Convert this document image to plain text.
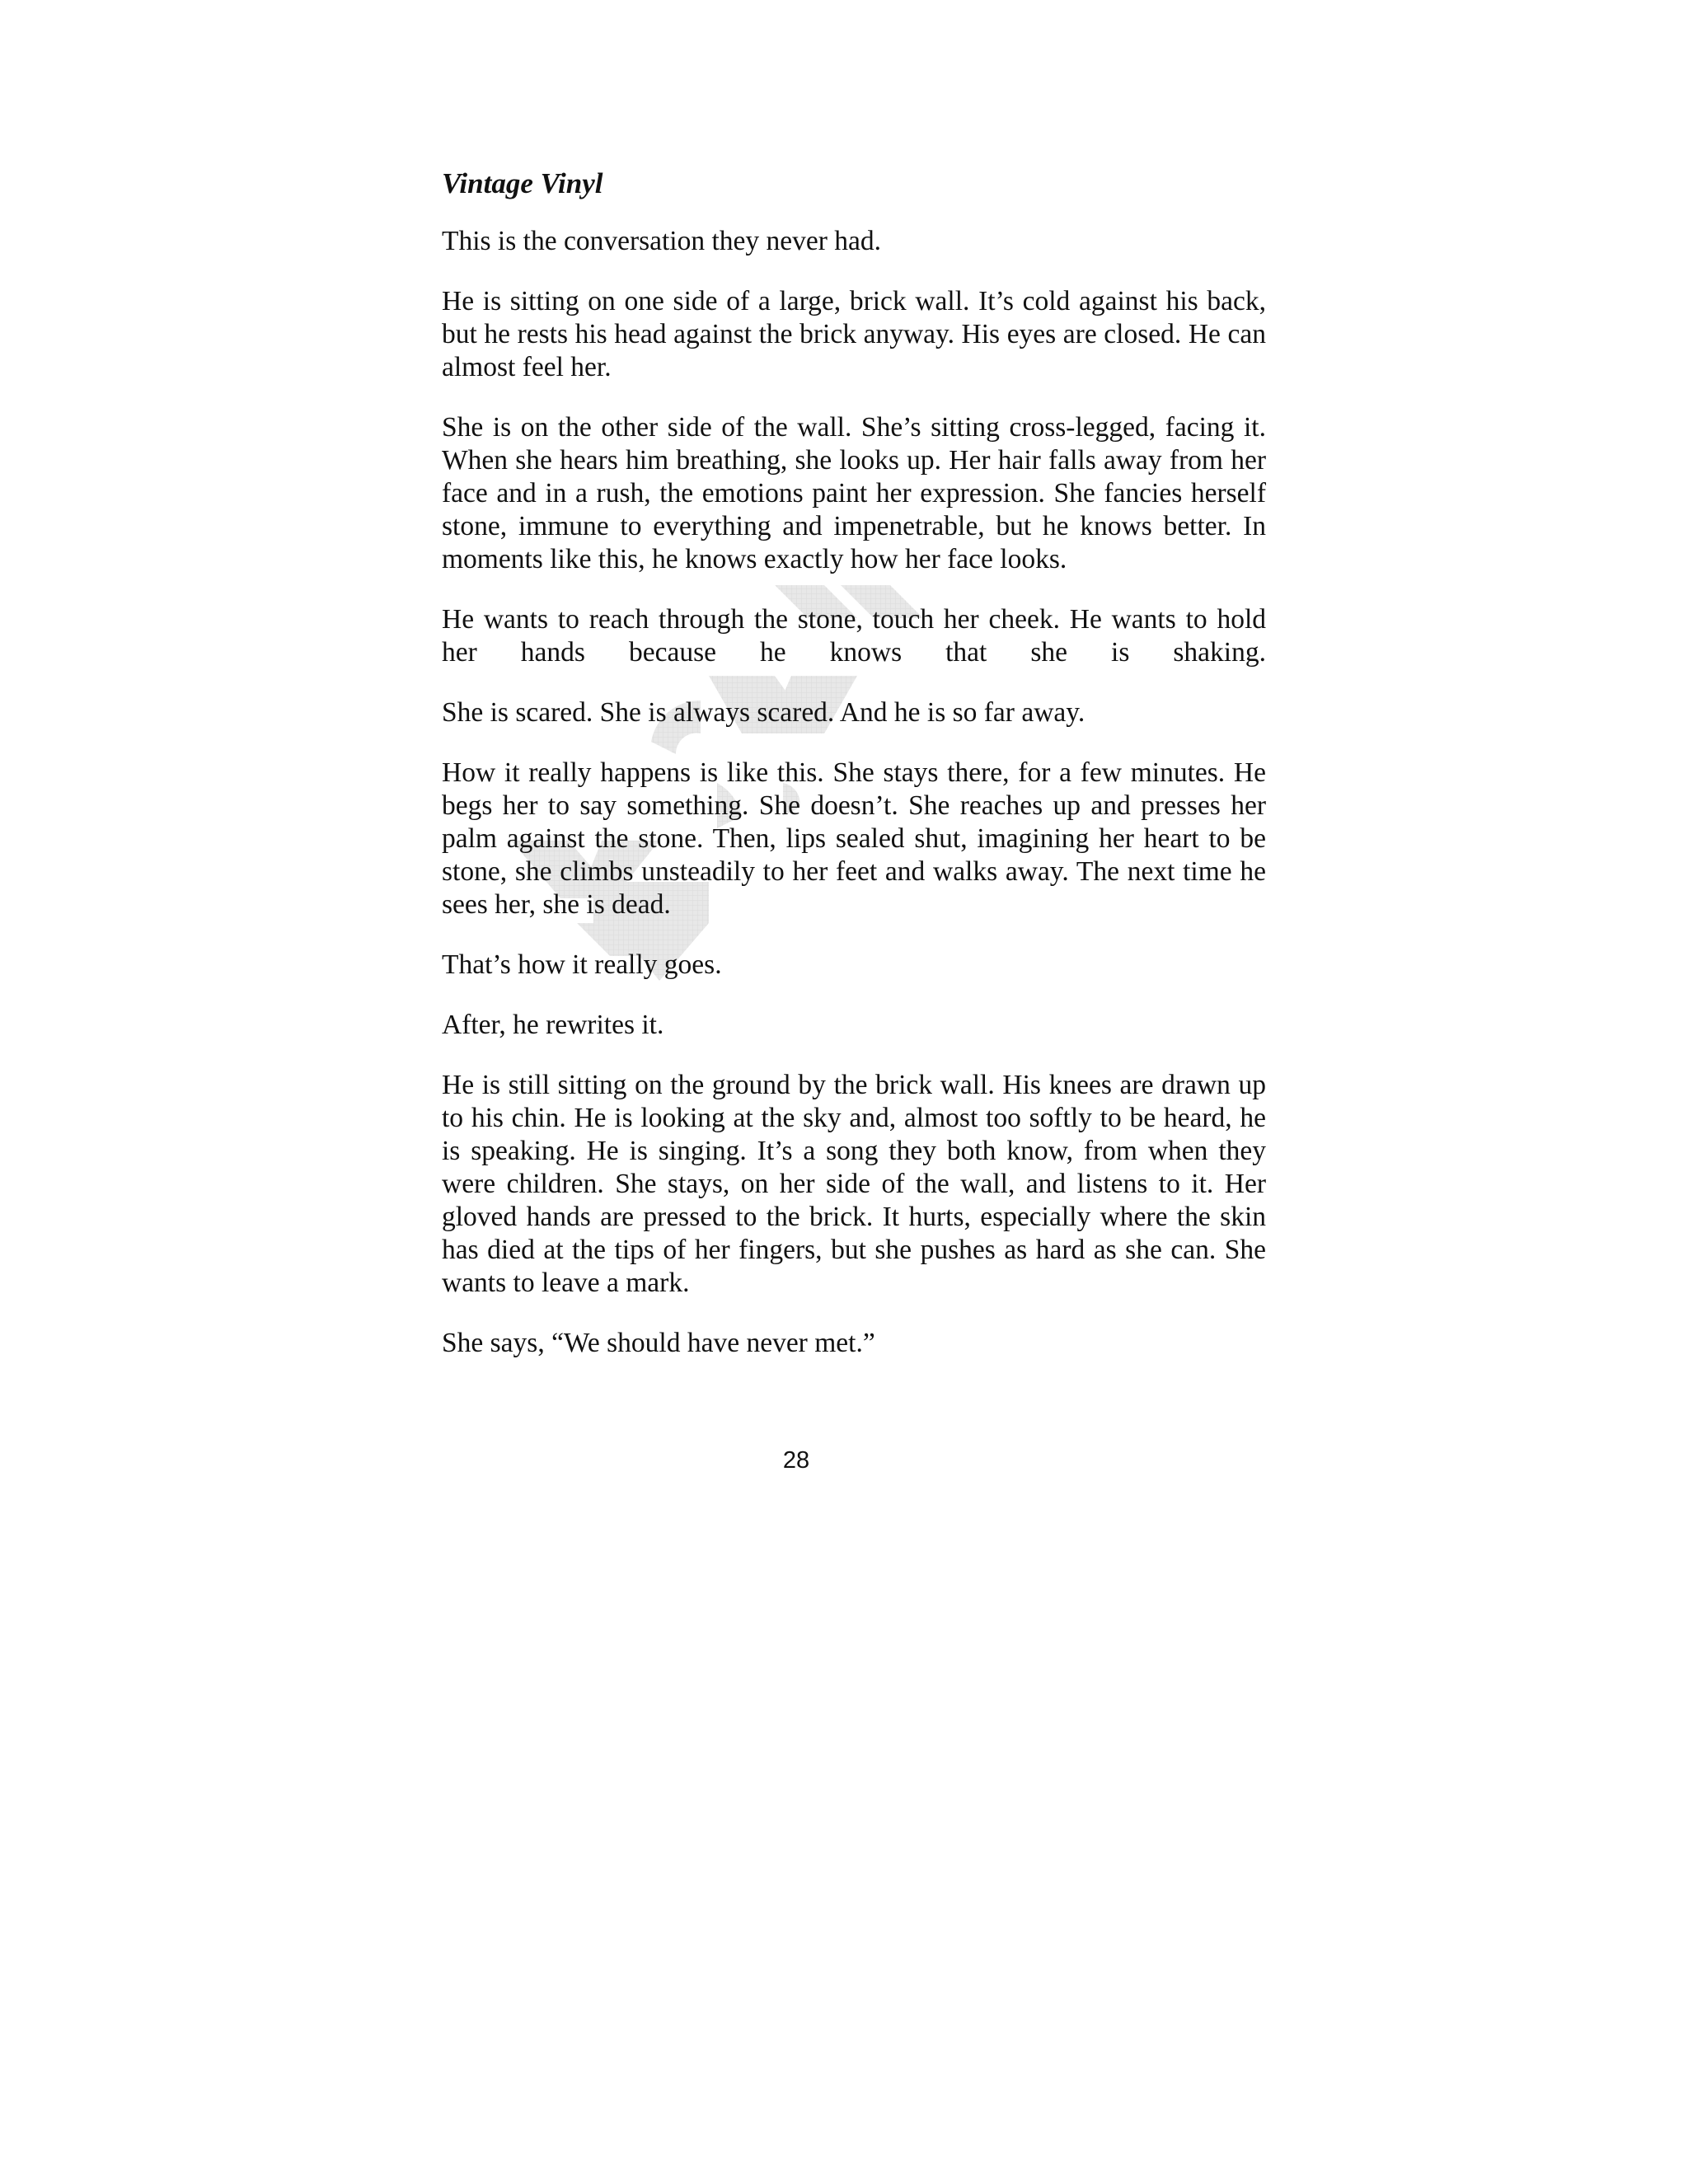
Vintage Vinyl

This is the conversation they never had.

He is sitting on one side of a large, brick wall. It’s cold against his back, but he rests his head against the brick anyway. His eyes are closed. He can almost feel her.

She is on the other side of the wall. She’s sitting cross-legged, facing it. When she hears him breathing, she looks up. Her hair falls away from her face and in a rush, the emotions paint her expression. She fancies herself stone, immune to everything and impenetrable, but he knows better. In moments like this, he knows exactly how her face looks.

He wants to reach through the stone, touch her cheek. He wants to hold her hands because he knows that she is shaking.

She is scared. She is always scared. And he is so far away.

How it really happens is like this. She stays there, for a few minutes. He begs her to say something. She doesn’t. She reaches up and presses her palm against the stone. Then, lips sealed shut, imagining her heart to be stone, she climbs unsteadily to her feet and walks away. The next time he sees her, she is dead.

That’s how it really goes.

After, he rewrites it.

He is still sitting on the ground by the brick wall. His knees are drawn up to his chin. He is looking at the sky and, almost too softly to be heard, he is speaking. He is singing. It’s a song they both know, from when they were children. She stays, on her side of the wall, and listens to it. Her gloved hands are pressed to the brick. It hurts, especially where the skin has died at the tips of her fingers, but she pushes as hard as she can. She wants to leave a mark.

She says, “We should have never met.”

28
